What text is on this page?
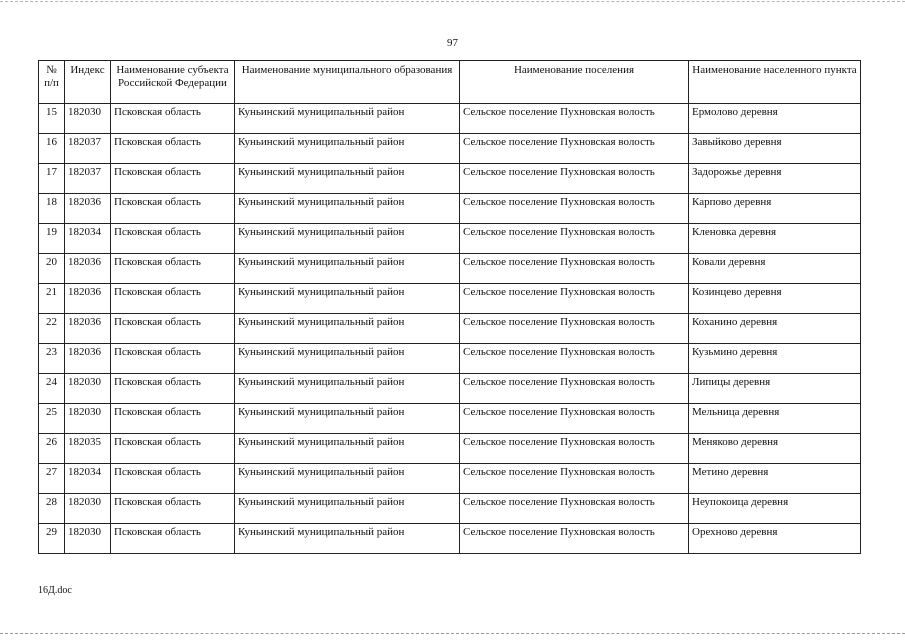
97
№ п/п	Индекс	Наименование субъекта Российской Федерации	Наименование муниципального образования	Наименование поселения	Наименование населенного пункта
15	182030	Псковская область	Куньинский муниципальный район	Сельское поселение Пухновская волость	Ермолово деревня
16	182037	Псковская область	Куньинский муниципальный район	Сельское поселение Пухновская волость	Завыйково деревня
17	182037	Псковская область	Куньинский муниципальный район	Сельское поселение Пухновская волость	Задорожье деревня
18	182036	Псковская область	Куньинский муниципальный район	Сельское поселение Пухновская волость	Карпово деревня
19	182034	Псковская область	Куньинский муниципальный район	Сельское поселение Пухновская волость	Кленовка деревня
20	182036	Псковская область	Куньинский муниципальный район	Сельское поселение Пухновская волость	Ковали деревня
21	182036	Псковская область	Куньинский муниципальный район	Сельское поселение Пухновская волость	Козинцево деревня
22	182036	Псковская область	Куньинский муниципальный район	Сельское поселение Пухновская волость	Коханино деревня
23	182036	Псковская область	Куньинский муниципальный район	Сельское поселение Пухновская волость	Кузьмино деревня
24	182030	Псковская область	Куньинский муниципальный район	Сельское поселение Пухновская волость	Липицы деревня
25	182030	Псковская область	Куньинский муниципальный район	Сельское поселение Пухновская волость	Мельница деревня
26	182035	Псковская область	Куньинский муниципальный район	Сельское поселение Пухновская волость	Меняково деревня
27	182034	Псковская область	Куньинский муниципальный район	Сельское поселение Пухновская волость	Метино деревня
28	182030	Псковская область	Куньинский муниципальный район	Сельское поселение Пухновская волость	Неупокоица деревня
29	182030	Псковская область	Куньинский муниципальный район	Сельское поселение Пухновская волость	Орехново деревня
16Д.doc
